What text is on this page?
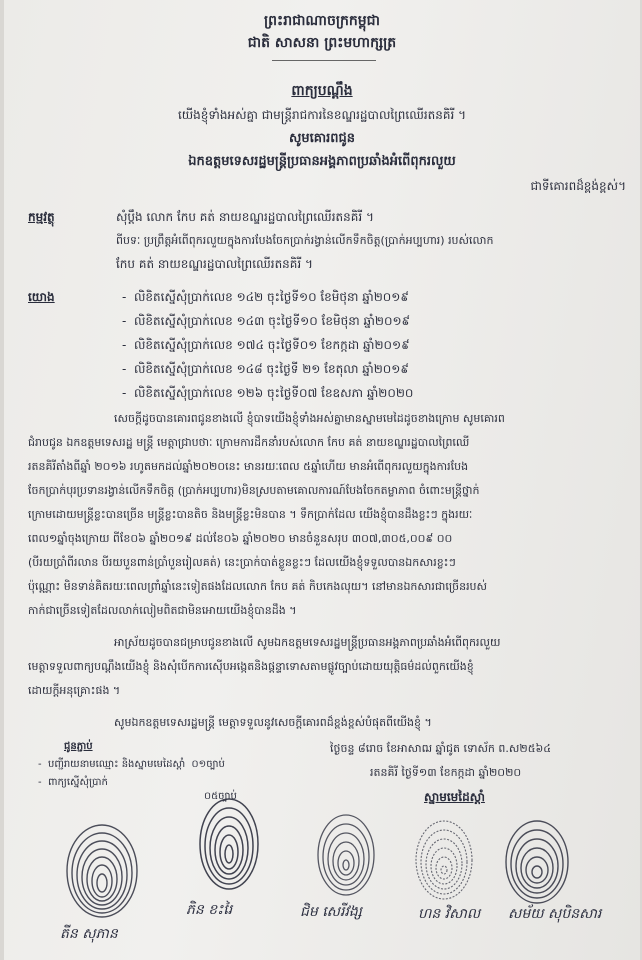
ព្រះរាជាណាចក្រកម្ពុជា
ជាតិ សាសនា ព្រះមហាក្សត្រ
ពាក្យបណ្តឹង
យើងខ្ញុំទាំងអស់គ្នា ជាមន្ត្រីរាជការនៃខណ្ឌរដ្ឋបាលព្រៃឈើរតនគិរី ។
សូមគោរពជូន
ឯកឧត្តមទេសរដ្ឋមន្ត្រីប្រធានអង្គភាពប្រឆាំងអំពើពុករលួយ
ជាទីគោរពដ៏ខ្ពង់ខ្ពស់។
កម្មវត្ថុ	សុំប្តឹង លោក កែប គត់ នាយខណ្ឌរដ្ឋបាលព្រៃឈើរតនគិរី ។
ពីបទៈ ប្រព្រឹត្តអំពើពុករលួយក្នុងការបែងចែកប្រាក់រង្វាន់លើកទឹកចិត្ត(ប្រាក់អប្បហារ) របស់លោក
កែប គត់ នាយខណ្ឌរដ្ឋបាលព្រៃឈើរតនគិរី ។
យោង	-  លិខិតស្នើសុំប្រាក់លេខ ១៤២ ចុះថ្ងៃទី១០ ខែមិថុនា ឆ្នាំ២០១៩
-  លិខិតស្នើសុំប្រាក់លេខ ១៤៣ ចុះថ្ងៃទី១០ ខែមិថុនា ឆ្នាំ២០១៩
-  លិខិតស្នើសុំប្រាក់លេខ ១៧៤ ចុះថ្ងៃទី០១ ខែកក្កដា ឆ្នាំ២០១៩
-  លិខិតស្នើសុំប្រាក់លេខ ១៤៨ ចុះថ្ងៃទី ២១ ខែតុលា ឆ្នាំ២០១៩
-  លិខិតស្នើសុំប្រាក់លេខ ១២៦ ចុះថ្ងៃទី០៧ ខែឧសភា ឆ្នាំ២០២០
សេចក្តីដូចបានគោរពជូនខាងលើ ខ្ញុំបាទយើងខ្ញុំទាំងអស់គ្នាមានស្នាមមេដៃដូចខាងក្រោម សូមគោរព
ជំរាបជូន ឯកឧត្តមទេសរដ្ឋ មន្ត្រី មេត្តាជ្រាបថាៈ ក្រោមការដឹកនាំរបស់លោក កែប គត់ នាយខណ្ឌរដ្ឋបាលព្រៃឈើ
រតនគិរីតាំងពីឆ្នាំ ២០១៦ រហូតមកដល់ឆ្នាំ២០២០នេះ មានរយៈពេល ៥ឆ្នាំហើយ មានអំពើពុករលួយក្នុងការបែង
ចែកប្រាក់បុរប្រទានរង្វាន់លើកទឹកចិត្ត (ប្រាក់អប្បហារ)មិនស្របតាមគោលការណ៍បែងចែកតម្លាភាព ចំពោះមន្ត្រីថ្នាក់
ក្រោមដោយមន្ត្រីខ្លះបានច្រើន មន្ត្រីខ្លះបានតិច និងមន្ត្រីខ្លះមិនបាន ។ ទឹកប្រាក់ដែល យើងខ្ញុំបានដឹងខ្លះៗ ក្នុងរយៈ
ពេល១ឆ្នាំចុងក្រោយ ពីខែ០៦ ឆ្នាំ២០១៩ ដល់ខែ០៦ ឆ្នាំ២០២០ មានចំនួនសរុប ៣០៧,៣០៥,០០៩ ០០
(បីរយប្រាំពីរលាន បីរយបួនពាន់ប្រាំបួនរៀលគត់) នេះប្រាក់បាត់ខ្លួនខ្លះៗ ដែលយើងខ្ញុំទទួលបានឯកសារខ្លះៗ
ប៉ុណ្ណោះ មិនទាន់គិតរយៈពេលព្រាំឆ្នាំនេះទៀតផងដែលលោក កែប គត់ កិបកេងលុយ។ នៅមានឯកសារជាច្រើនរបស់
កាក់ជាច្រើនទៀតដែលលាក់លៀមពិតជាមិនអោយយើងខ្ញុំបានដឹង ។
អាស្រ័យដូចបានជម្រាបជូនខាងលើ សូមឯកឧត្តមទេសរដ្ឋមន្ត្រីប្រធានអង្គភាពប្រឆាំងអំពើពុករលួយ
មេត្តាទទួលពាក្យបណ្តឹងយើងខ្ញុំ និងសុំបើកការស៊ើបអង្កេតនិងផ្តន្ទាទោសតាមផ្លូវច្បាប់ដោយយុត្តិធម៌ដល់ពួកយើងខ្ញុំ
ដោយក្តីអនុគ្រោះផង ។
សូមឯកឧត្តមទេសរដ្ឋមន្ត្រី មេត្តាទទួលនូវសេចក្តីគោរពដ៏ខ្ពង់ខ្ពស់បំផុតពីយើងខ្ញុំ ។
ជូនភ្ជាប់
-  បញ្ជីរាយនាមឈ្មោះ និងស្នាមមេដៃស្តាំ ០១ច្បាប់
-  ពាក្យស្នើសុំប្រាក់
០៥ច្បាប់
ថ្ងៃចន្ទ ៨រោច ខែអាសាឍ ឆ្នាំជូត ទោស័ក ព.ស២៥៦៤
រតនគិរី ថ្ងៃទី១៣ ខែកក្កដា ឆ្នាំ២០២០
ស្នាមមេដៃស្តាំ
តីន សុភាន
ភិន ខះរៃ	ជិម សេរីវង្ស	ហន វិសាល សម័យ សុបិនសារ
